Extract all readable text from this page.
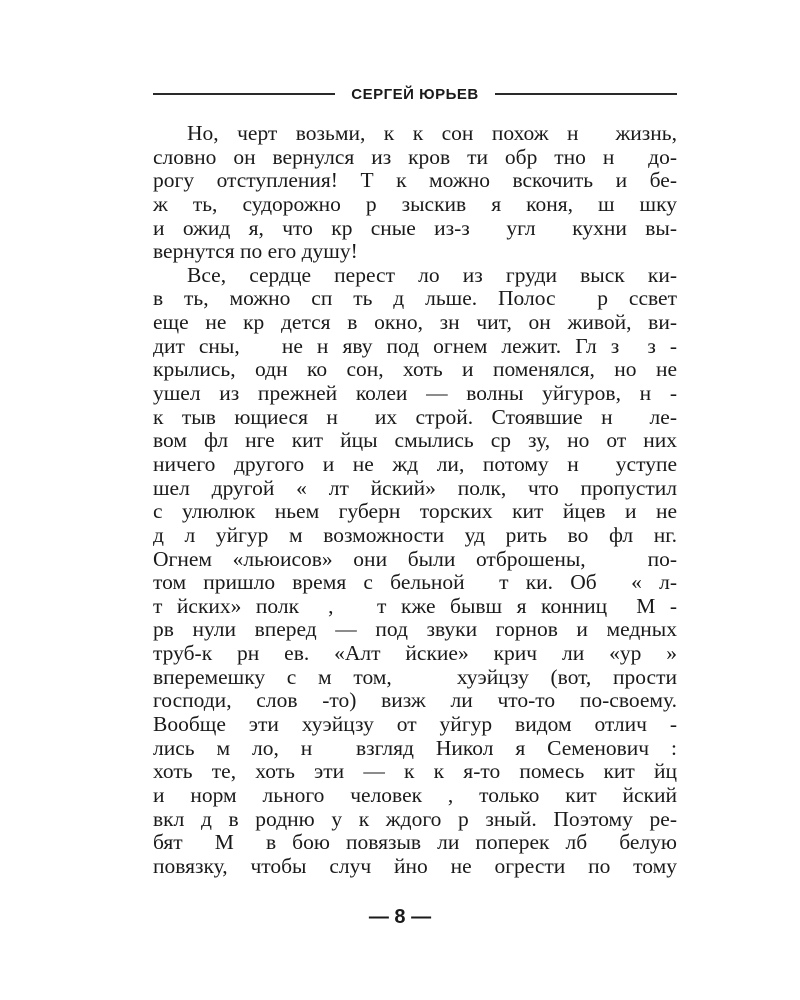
СЕРГЕЙ ЮРЬЕВ
Но, черт возьми, к к сон похож н  жизнь,
словно он вернулся из кров ти обр тно н  до-
рогу отступления! Т к можно вскочить и бе-
ж ть, судорожно р зыскив я коня, ш шку
и ожид я, что кр сные из-з  угл  кухни вы-
вернутся по его душу!
Все, сердце перест ло из груди выск ки-
в ть, можно сп ть д льше. Полос  р ссвет
еще не кр дется в окно, зн чит, он живой, ви-
дит сны,   не н яву под огнем лежит. Гл з  з -
крылись, одн ко сон, хоть и поменялся, но не
ушел из прежней колеи — волны уйгуров, н -
к тыв ющиеся н  их строй. Стоявшие н  ле-
вом фл нге кит йцы смылись ср зу, но от них
ничего другого и не жд ли, потому н  уступе
шел другой « лт йский» полк, что пропустил
с улюлюк ньем губерн торских кит йцев и не
д л уйгур м возможности уд рить во фл нг.
Огнем «льюисов» они были отброшены,   по-
том пришло время с бельной  т ки. Об  « л-
т йских» полк  ,   т кже бывш я конниц  М -
рв нули вперед — под звуки горнов и медных
труб-к рн ев. «Алт йские» крич ли «ур »
вперемешку с м том,   хуэйцзу (вот, прости
господи, слов -то) визж ли что-то по-своему.
Вообще эти хуэйцзу от уйгур видом отлич -
лись м ло, н  взгляд Никол я Семенович :
хоть те, хоть эти — к к я-то помесь кит йц
и норм льного человек , только кит йский
вкл д в родню у к ждого р зный. Поэтому ре-
бят  М  в бою повязыв ли поперек лб  белую
повязку, чтобы случ йно не огрести по тому
— 8 —
